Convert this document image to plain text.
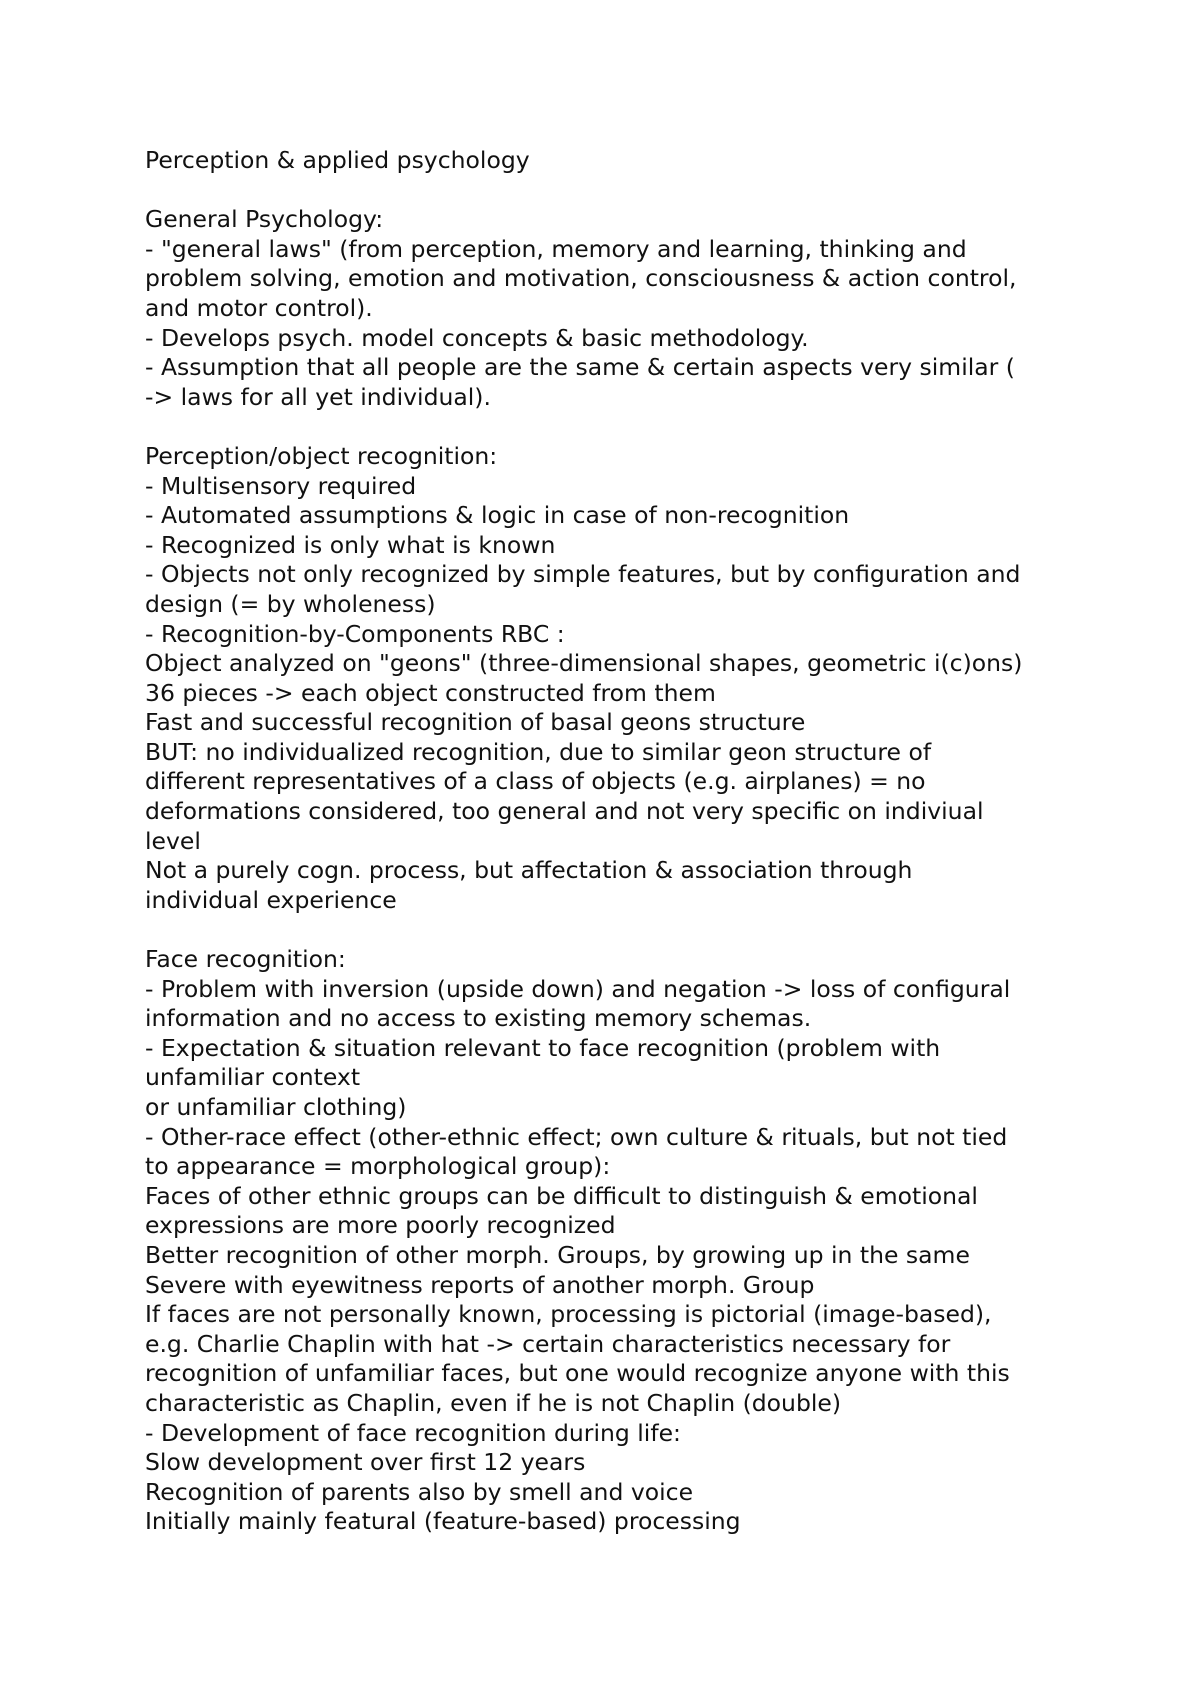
Perception & applied psychology
General Psychology:
- "general laws" (from perception, memory and learning, thinking and
problem solving, emotion and motivation, consciousness & action control,
and motor control).
- Develops psych. model concepts & basic methodology.
- Assumption that all people are the same & certain aspects very similar (
-> laws for all yet individual).
Perception/object recognition:
- Multisensory required
- Automated assumptions & logic in case of non-recognition
- Recognized is only what is known
- Objects not only recognized by simple features, but by configuration and
design (= by wholeness)
- Recognition-by-Components RBC :
Object analyzed on "geons" (three-dimensional shapes, geometric i(c)ons)
36 pieces -> each object constructed from them
Fast and successful recognition of basal geons structure
BUT: no individualized recognition, due to similar geon structure of
different representatives of a class of objects (e.g. airplanes) = no
deformations considered, too general and not very specific on indiviual
level
Not a purely cogn. process, but affectation & association through
individual experience
Face recognition:
- Problem with inversion (upside down) and negation -> loss of configural
information and no access to existing memory schemas.
- Expectation & situation relevant to face recognition (problem with
unfamiliar context
or unfamiliar clothing)
- Other-race effect (other-ethnic effect; own culture & rituals, but not tied
to appearance = morphological group):
Faces of other ethnic groups can be difficult to distinguish & emotional
expressions are more poorly recognized
Better recognition of other morph. Groups, by growing up in the same
Severe with eyewitness reports of another morph. Group
If faces are not personally known, processing is pictorial (image-based),
e.g. Charlie Chaplin with hat -> certain characteristics necessary for
recognition of unfamiliar faces, but one would recognize anyone with this
characteristic as Chaplin, even if he is not Chaplin (double)
- Development of face recognition during life:
Slow development over first 12 years
Recognition of parents also by smell and voice
Initially mainly featural (feature-based) processing
